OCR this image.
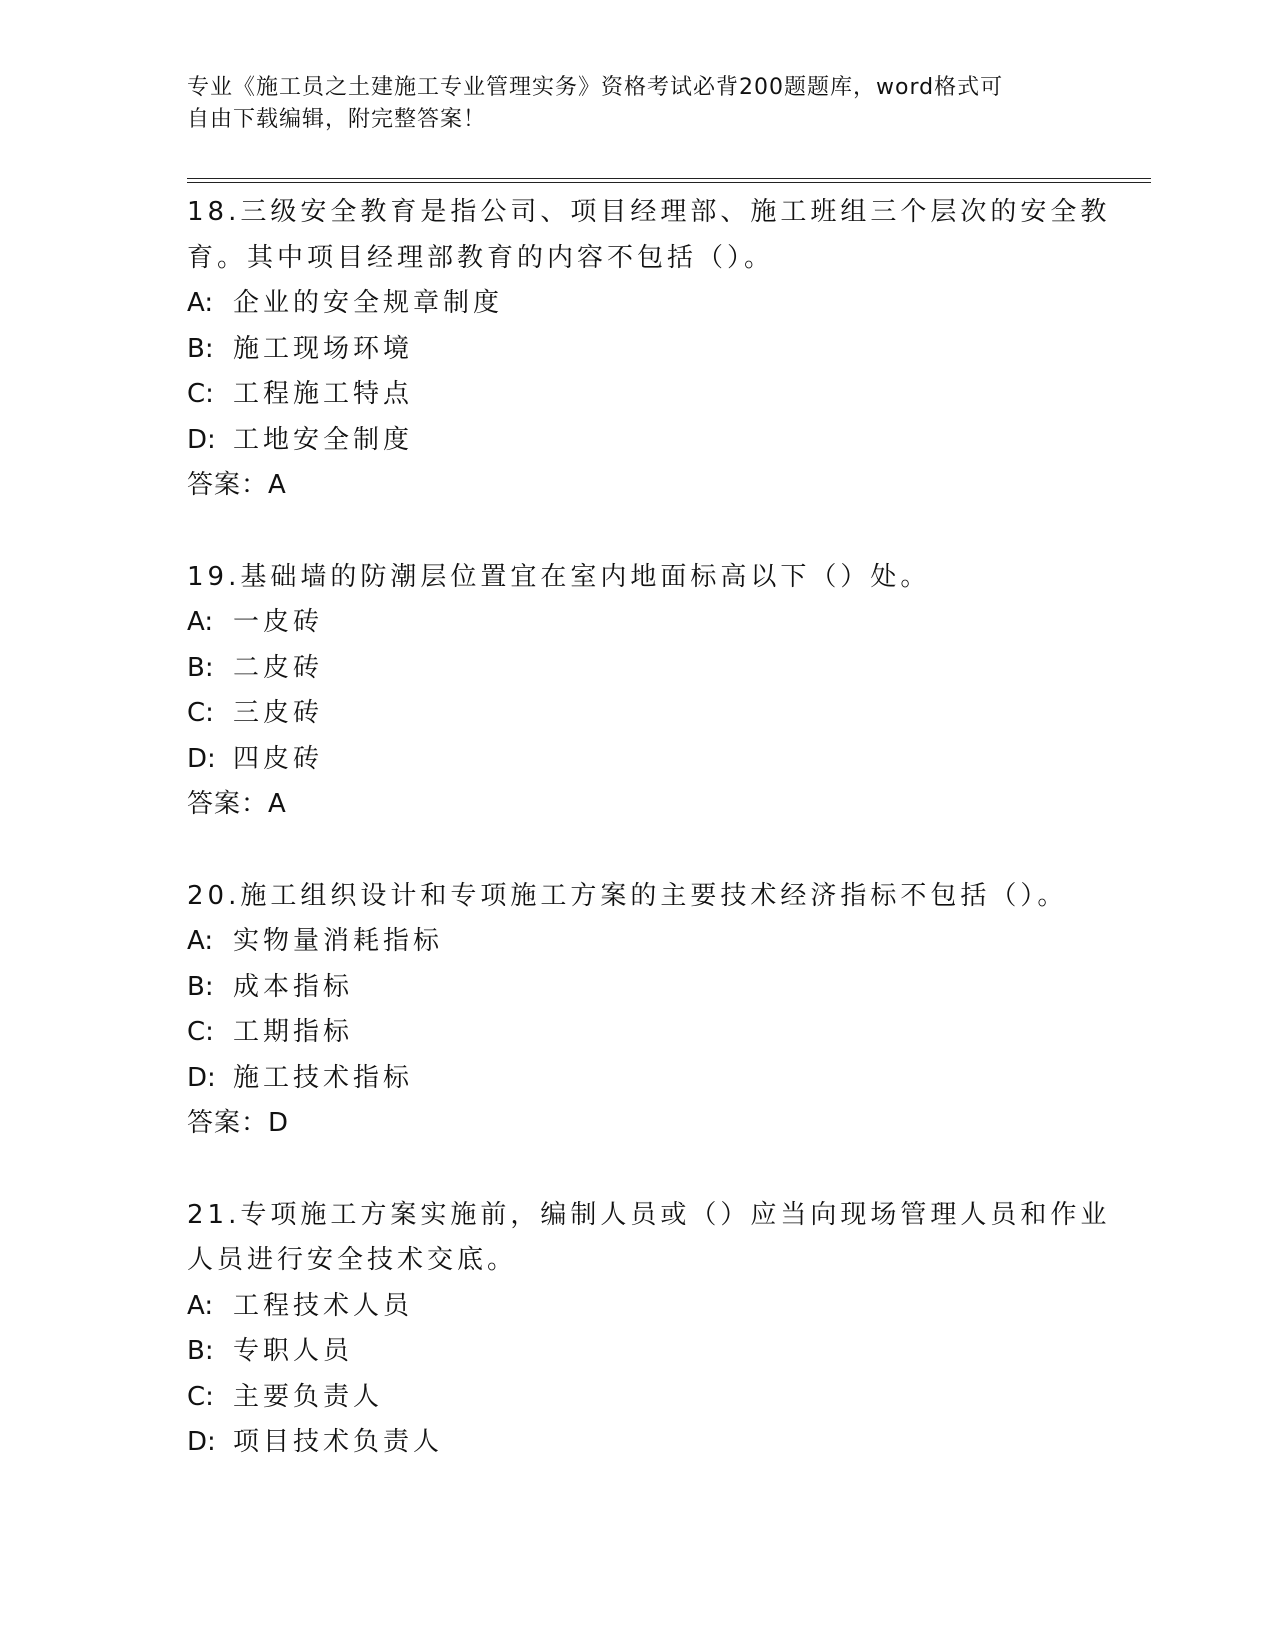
专业《施工员之土建施工专业管理实务》资格考试必背200题题库，word格式可
自由下载编辑，附完整答案！
18.三级安全教育是指公司、项目经理部、施工班组三个层次的安全教
育。其中项目经理部教育的内容不包括（）。
A: 企业的安全规章制度
B: 施工现场环境
C: 工程施工特点
D: 工地安全制度
答案：A
19.基础墙的防潮层位置宜在室内地面标高以下（）处。
A: 一皮砖
B: 二皮砖
C: 三皮砖
D: 四皮砖
答案：A
20.施工组织设计和专项施工方案的主要技术经济指标不包括（）。
A: 实物量消耗指标
B: 成本指标
C: 工期指标
D: 施工技术指标
答案：D
21.专项施工方案实施前，编制人员或（）应当向现场管理人员和作业
人员进行安全技术交底。
A: 工程技术人员
B: 专职人员
C: 主要负责人
D: 项目技术负责人
